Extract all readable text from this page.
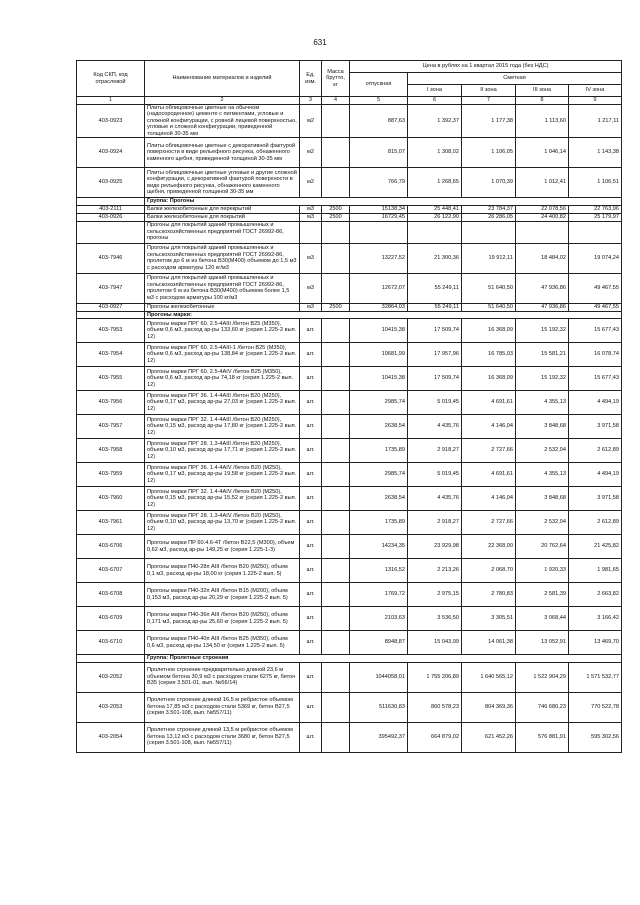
631
Код СКП, код отраслевой	Наименование материалов и изделий	Ед. изм.	Масса брутто, кг	Цена в рублях на 1 квартал 2015 года (без НДС)				
				отпускная	Сметная			
					I зона	II зона	III зона	IV зона
1	2	3	4	5	6	7	8	9
403-0923	Плиты облицовочные цветные на обычном (надосороденное) цементе с пигментами, угловые и сложной конфигурации, с ровной лицевой поверхностью, угловые и сложной конфигурации, приведенной толщиной 30-35 мм	м2		887,63	1 392,37	1 177,38	1 113,60	1 217,11
403-0924	Плиты облицовочные цветные с декоративной фактурой поверхности в виде рельефного рисунка, обнаженного каменного щебня, приведенной толщиной 30-35 мм	м2		815,07	1 308,02	1 106,05	1 046,14	1 143,38
403-0925	Плиты облицовочные цветные угловые и другие сложной конфигурации, с декоративной фактурой поверхности в виде рельефного рисунка, обнаженного каменного щебня, приведенной толщиной 30-35 мм	м2		766,79	1 268,65	1 070,39	1 012,41	1 106,51
	Группа: Прогоны							
403-2111	Балки железобетонные для перекрытий	м3	2500	15138,34	25 448,41	23 784,37	22 078,56	22 763,96
403-0926	Балки железобетонные для покрытий	м3	2500	16729,45	26 122,90	26 286,05	24 400,82	25 179,97
	Прогоны для покрытий зданий промышленных и сельскохозяйственных предприятий ГОСТ 26992-86, прогоны							
403-7946	Прогоны для покрытий зданий промышленных и сельскохозяйственных предприятий ГОСТ 26992-86, пролетом до 6 м из бетона В30(М400) объемом до 1,5 м3 с расходом арматуры 120 кг/м3	м3		13227,52	21 300,36	19 912,11	18 484,02	19 074,24
403-7947	Прогоны для покрытий зданий промышленных и сельскохозяйственных предприятий ГОСТ 26992-86, пролетом 6 м из бетона В30(М400) объемом более 1,5 м3 с расходом арматуры 100 кг/м3	м3		12672,07	55 249,11	51 640,50	47 936,86	49 467,55
403-0927	Прогоны железобетонные	м3	2500	32864,03	55 249,11	51 640,50	47 936,86	49 467,55
	Прогоны марки:							
403-7953	Прогоны марки ПРГ 60. 2.5-4АIII /бетон В25 (М350), объем 0,6 м3, расход ар-ры 133,60 кг (серия 1.225-2 вып. 12)	шт.		10415,38	17 509,74	16 368,09	15 192,32	15 677,43
403-7954	Прогоны марки ПРГ 60. 2.5-4АIII-1 /бетон В25 (М350), объем 0,6 м3, расход ар-ры 138,84 кг (серия 1.225-2 вып. 12)	шт.		10681,99	17 957,96	16 785,03	15 581,21	16 078,74
403-7955	Прогоны марки ПРГ 60. 2.5-4АIV /бетон В25 (М350), объем 0,6 м3, расход ар-ры 74,18 кг (серия 1.225-2 вып. 12)	шт.		10415,38	17 509,74	16 368,09	15 192,32	15 677,43
403-7956	Прогоны марки ПРГ 36. 1.4-4АIII /бетон В20 (М250), объем 0,17 м3, расход ар-ры 27,03 кг (серия 1.225-2 вып. 12)	шт.		2985,74	5 019,45	4 691,61	4 355,13	4 494,19
403-7957	Прогоны марки ПРГ 32. 1.4-4АIII /бетон В20 (М250), объем 0,15 м3, расход ар-ры 17,80 кг (серия 1.225-2 вып. 12)	шт.		2638,54	4 435,76	4 146,04	3 848,68	3 971,58
403-7958	Прогоны марки ПРГ 28. 1.3-4АIII /бетон В20 (М250), объем 0,10 м3, расход ар-ры 17,71 кг (серия 1.225-2 вып. 12)	шт.		1735,89	2 918,27	2 727,66	2 532,04	2 612,89
403-7959	Прогоны марки ПРГ 36. 1.4-4АIV /бетон В20 (М250), объем 0,17 м3, расход ар-ры 19,58 кг (серия 1.225-2 вып. 12)	шт.		2985,74	5 019,45	4 691,61	4 355,13	4 494,19
403-7960	Прогоны марки ПРГ 32. 1.4-4АIV /бетон В20 (М250), объем 0,15 м3, расход ар-ры 15,52 кг (серия 1.225-2 вып. 12)	шт.		2638,54	4 435,76	4 146,04	3 848,68	3 971,58
403-7961	Прогоны марки ПРГ 28. 1.3-4АIV /бетон В20 (М250), объем 0,10 м3, расход ар-ры 13,70 кг (серия 1.225-2 вып. 12)	шт.		1735,89	2 918,27	2 727,66	2 532,04	2 612,89
403-6706	Прогоны марки ПР 60.4.6-4Т /бетон В22,5 (М300), объем 0,62 м3, расход ар-ры 149,25 кг (серия 1.225-1-3)	шт.		14234,35	23 929,98	22 368,00	20 762,64	21 425,82
403-6707	Прогоны марки П40-28п АIII /бетон В20 (М250), объем 0,1 м3, расход ар-ры 18,00 кг (серия 1.225-2 вып. 5)	шт.		1316,52	2 213,26	2 068,70	1 920,33	1 981,65
403-6708	Прогоны марки П40-32п АIII /бетон В15 (М200), объем 0,153 м3, расход ар-ры 20,29 кг (серия 1.225-2 вып. 5)	шт.		1769,72	2 975,15	2 780,83	2 581,39	2 663,82
403-6709	Прогоны марки П40-36п АIII /бетон В20 (М250), объем 0,171 м3, расход ар-ры 25,60 кг (серия 1.225-2 вып. 5)	шт.		2103,63	3 536,50	3 305,51	3 068,44	3 166,42
403-6710	Прогоны марки П40-40п АIII /бетон В25 (М350), объем 0,6 м3, расход ар-ры 134,50 кг (серия 1.225-2 вып. 5)	шт.		8948,87	15 043,99	14 061,38	13 052,91	13 469,70
	Группа: Пролетные строения							
403-2052	Пролетное строение предварительно длиной 23,6 м объемом бетона 30,9 м3 с расходом стали 6275 кг, бетон В35 (серия 3.501-01, вып. №56/14)	шт.		1044058,01	1 755 206,89	1 640 565,12	1 522 904,29	1 571 532,77
403-2053	Пролетное строение длиной 16,5 м ребристое объемом бетона 17,85 м3 с расходом стали 5369 кг, бетон В27,5 (серия 3.501-108, вып. №557/11)	шт.		511630,83	860 578,23	804 369,36	746 680,23	770 522,78
403-2054	Пролетное строение длиной 13,5 м ребристое объемом бетона 13,12 м3 с расходом стали 3680 кг, бетон В27,5 (серия 3.501-108, вып. №557/11)	шт.		395492,37	664 879,02	621 452,26	576 881,91	595 302,56
